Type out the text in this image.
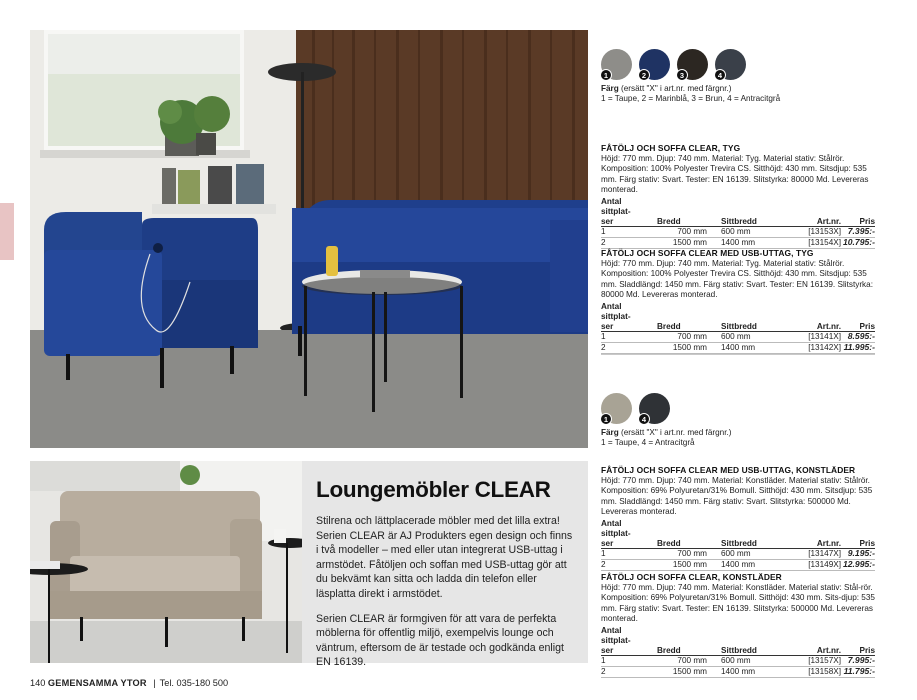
Loungemöbler CLEAR

Stilrena och lättplacerade möbler med det lilla extra! Serien CLEAR är AJ Produkters egen design och finns i två modeller – med eller utan integrerat USB-uttag i armstödet. Fåtöljen och soffan med USB-uttag gör att du bekvämt kan sitta och ladda din telefon eller läsplatta direkt i armstödet.

Serien CLEAR är formgiven för att vara de perfekta möblerna för offentlig miljö, exempelvis lounge och väntrum, eftersom de är testade och godkända enligt EN 16139.

1	2	3	4
Färg (ersätt "X" i art.nr. med färgnr.)
1 = Taupe, 2 = Marinblå, 3 = Brun, 4 = Antracitgrå
FÅTÖLJ OCH SOFFA CLEAR, TYG
Höjd: 770 mm. Djup: 740 mm. Material: Tyg. Material stativ: Stålrör. Komposition: 100% Polyester Trevira CS. Sitthöjd: 430 mm. Sitsdjup: 535 mm. Färg stativ: Svart. Tester: EN 16139. Slitstyrka: 80000 Md. Levereras monterad.
Antal sittplat-
ser	Bredd	Sittbredd	Art.nr.	Pris
1	700 mm	600 mm	[13153X]	7.395:-
2	1500 mm	1400 mm	[13154X]	10.795:-
FÅTÖLJ OCH SOFFA CLEAR MED USB-UTTAG, TYG
Höjd: 770 mm. Djup: 740 mm. Material: Tyg. Material stativ: Stålrör. Komposition: 100% Polyester Trevira CS. Sitthöjd: 430 mm. Sitsdjup: 535 mm. Sladdlängd: 1450 mm. Färg stativ: Svart. Tester: EN 16139. Slitstyrka: 80000 Md. Levereras monterad.
Antal sittplat-
ser	Bredd	Sittbredd	Art.nr.	Pris
1	700 mm	600 mm	[13141X]	8.595:-
2	1500 mm	1400 mm	[13142X]	11.995:-
1	4
Färg (ersätt "X" i art.nr. med färgnr.)
1 = Taupe, 4 = Antracitgrå
FÅTÖLJ OCH SOFFA CLEAR MED USB-UTTAG, KONSTLÄDER
Höjd: 770 mm. Djup: 740 mm. Material: Konstläder. Material stativ: Stålrör. Komposition: 69% Polyuretan/31% Bomull. Sitthöjd: 430 mm. Sitsdjup: 535 mm. Sladdlängd: 1450 mm. Färg stativ: Svart. Slitstyrka: 500000 Md. Levereras monterad.
Antal sittplat-
ser	Bredd	Sittbredd	Art.nr.	Pris
1	700 mm	600 mm	[13147X]	9.195:-
2	1500 mm	1400 mm	[13149X]	12.995:-
FÅTÖLJ OCH SOFFA CLEAR, KONSTLÄDER
Höjd: 770 mm. Djup: 740 mm. Material: Konstläder. Material stativ: Stål-rör. Komposition: 69% Polyuretan/31% Bomull. Sitthöjd: 430 mm. Sits-djup: 535 mm. Färg stativ: Svart. Tester: EN 16139. Slitstyrka: 500000 Md. Levereras monterad.
Antal sittplat-
ser	Bredd	Sittbredd	Art.nr.	Pris
1	700 mm	600 mm	[13157X]	7.995:-
2	1500 mm	1400 mm	[13158X]	11.795:-
140 GEMENSAMMA YTOR | Tel. 035-180 500
